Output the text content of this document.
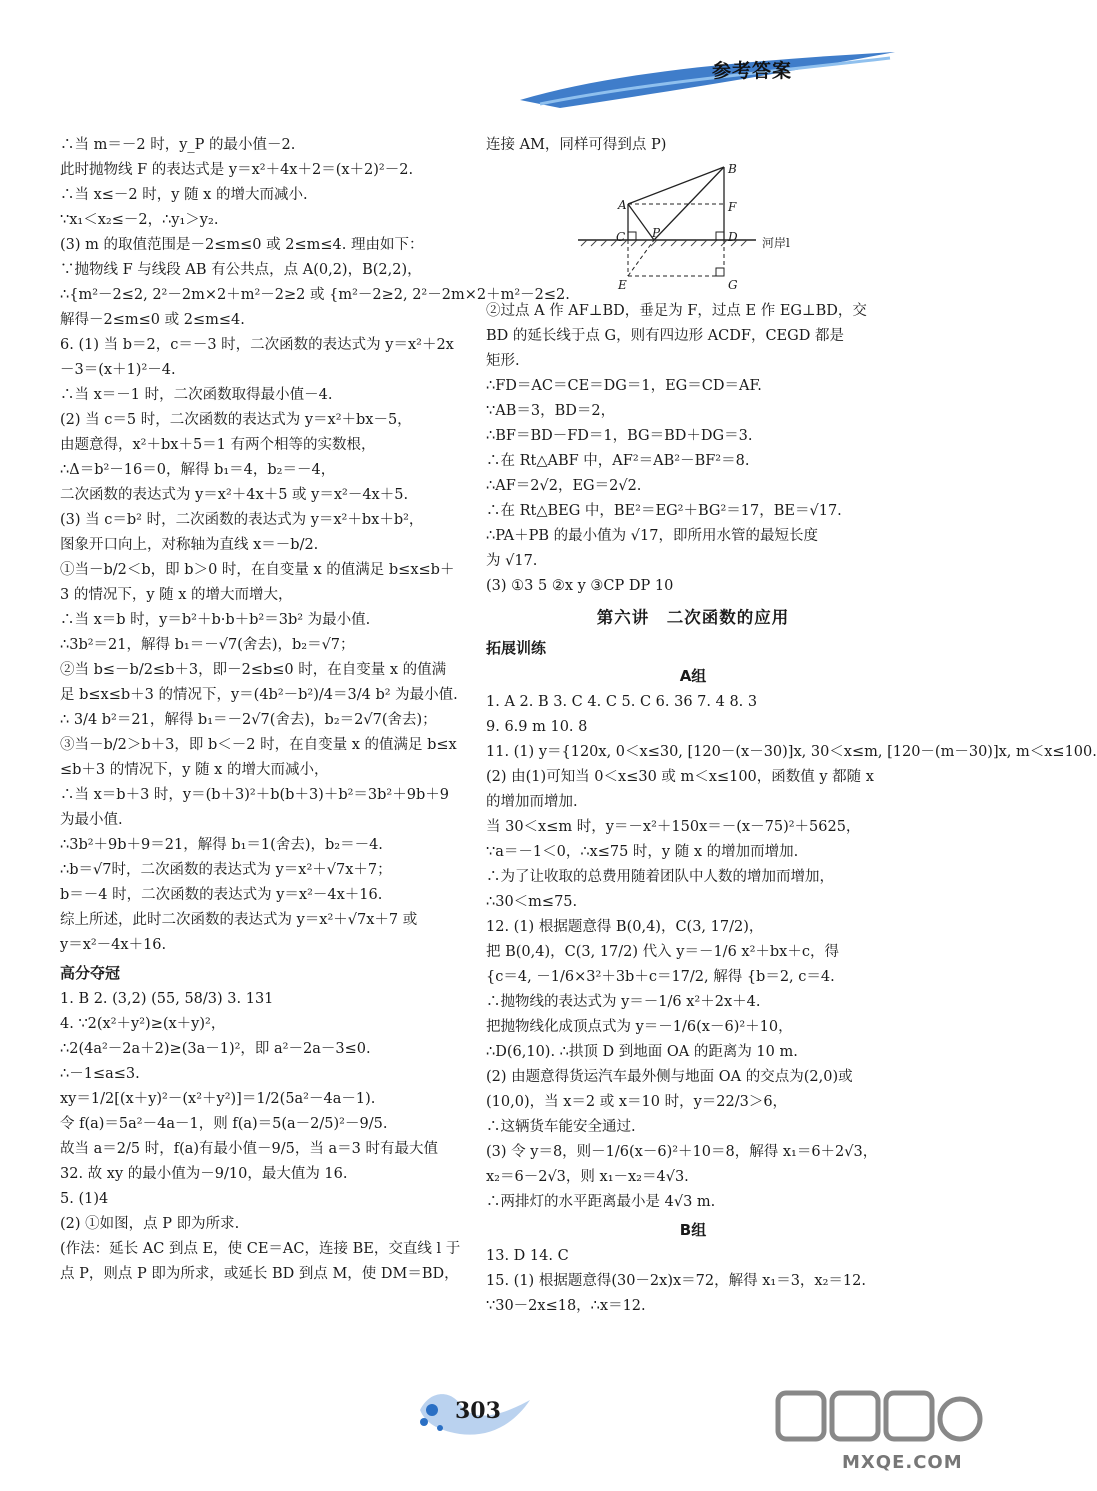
参考答案

∴当 m＝－2 时，y_P 的最小值－2.

此时抛物线 F 的表达式是 y＝x²＋4x＋2＝(x＋2)²－2.

∴当 x≤－2 时，y 随 x 的增大而减小.

∵x₁＜x₂≤－2，∴y₁＞y₂.

(3) m 的取值范围是－2≤m≤0 或 2≤m≤4. 理由如下：

∵抛物线 F 与线段 AB 有公共点，点 A(0,2)，B(2,2)，

∴{m²－2≤2, 2²－2m×2＋m²－2≥2 或 {m²－2≥2, 2²－2m×2＋m²－2≤2.

解得－2≤m≤0 或 2≤m≤4.

6. (1) 当 b＝2，c＝－3 时，二次函数的表达式为 y＝x²＋2x

－3＝(x＋1)²－4.

∴当 x＝－1 时，二次函数取得最小值－4.

(2) 当 c＝5 时，二次函数的表达式为 y＝x²＋bx－5，

由题意得，x²＋bx＋5＝1 有两个相等的实数根，

∴Δ＝b²－16＝0，解得 b₁＝4，b₂＝－4，

二次函数的表达式为 y＝x²＋4x＋5 或 y＝x²－4x＋5.

(3) 当 c＝b² 时，二次函数的表达式为 y＝x²＋bx＋b²，

图象开口向上，对称轴为直线 x＝－b/2.

①当－b/2＜b，即 b＞0 时，在自变量 x 的值满足 b≤x≤b＋

3 的情况下，y 随 x 的增大而增大，

∴当 x＝b 时，y＝b²＋b·b＋b²＝3b² 为最小值.

∴3b²＝21，解得 b₁＝－√7(舍去)，b₂＝√7；

②当 b≤－b/2≤b＋3，即－2≤b≤0 时，在自变量 x 的值满

足 b≤x≤b＋3 的情况下，y＝(4b²－b²)/4＝3/4 b² 为最小值.

∴ 3/4 b²＝21，解得 b₁＝－2√7(舍去)，b₂＝2√7(舍去)；

③当－b/2＞b＋3，即 b＜－2 时，在自变量 x 的值满足 b≤x

≤b＋3 的情况下，y 随 x 的增大而减小，

∴当 x＝b＋3 时，y＝(b＋3)²＋b(b＋3)＋b²＝3b²＋9b＋9

为最小值.

∴3b²＋9b＋9＝21，解得 b₁＝1(舍去)，b₂＝－4.

∴b＝√7时，二次函数的表达式为 y＝x²＋√7x＋7；

b＝－4 时，二次函数的表达式为 y＝x²－4x＋16.

综上所述，此时二次函数的表达式为 y＝x²＋√7x＋7 或

y＝x²－4x＋16.

高分夺冠

1. B 2. (3,2) (55, 58/3) 3. 131

4. ∵2(x²＋y²)≥(x＋y)²，

∴2(4a²－2a＋2)≥(3a－1)²，即 a²－2a－3≤0.

∴－1≤a≤3.

xy＝1/2[(x＋y)²－(x²＋y²)]＝1/2(5a²－4a－1).

令 f(a)＝5a²－4a－1，则 f(a)＝5(a－2/5)²－9/5.

故当 a＝2/5 时，f(a)有最小值－9/5，当 a＝3 时有最大值

32. 故 xy 的最小值为－9/10，最大值为 16.

5. (1)4

(2) ①如图，点 P 即为所求.

(作法：延长 AC 到点 E，使 CE＝AC，连接 BE，交直线 l 于

点 P，则点 P 即为所求，或延长 BD 到点 M，使 DM＝BD，

连接 AM，同样可得到点 P)

A
B
C	D
E
F
G
P
河岸l

②过点 A 作 AF⊥BD，垂足为 F，过点 E 作 EG⊥BD，交

BD 的延长线于点 G，则有四边形 ACDF，CEGD 都是

矩形.

∴FD＝AC＝CE＝DG＝1，EG＝CD＝AF.

∵AB＝3，BD＝2，

∴BF＝BD－FD＝1，BG＝BD＋DG＝3.

∴在 Rt△ABF 中，AF²＝AB²－BF²＝8.

∴AF＝2√2，EG＝2√2.

∴在 Rt△BEG 中，BE²＝EG²＋BG²＝17，BE＝√17.

∴PA＋PB 的最小值为 √17，即所用水管的最短长度

为 √17.

(3) ①3 5 ②x y ③CP DP 10

第六讲　二次函数的应用
拓展训练
A组

1. A 2. B 3. C 4. C 5. C 6. 36 7. 4 8. 3

9. 6.9 m 10. 8

11. (1) y＝{120x, 0＜x≤30, [120－(x－30)]x, 30＜x≤m, [120－(m－30)]x, m＜x≤100.

(2) 由(1)可知当 0＜x≤30 或 m＜x≤100，函数值 y 都随 x

的增加而增加.

当 30＜x≤m 时，y＝－x²＋150x＝－(x－75)²＋5625，

∵a＝－1＜0，∴x≤75 时，y 随 x 的增加而增加.

∴为了让收取的总费用随着团队中人数的增加而增加，

∴30＜m≤75.

12. (1) 根据题意得 B(0,4)，C(3, 17/2)，

把 B(0,4)，C(3, 17/2) 代入 y＝－1/6 x²＋bx＋c，得

{c＝4, －1/6×3²＋3b＋c＝17/2, 解得 {b＝2, c＝4.

∴抛物线的表达式为 y＝－1/6 x²＋2x＋4.

把抛物线化成顶点式为 y＝－1/6(x－6)²＋10，

∴D(6,10). ∴拱顶 D 到地面 OA 的距离为 10 m.

(2) 由题意得货运汽车最外侧与地面 OA 的交点为(2,0)或

(10,0)，当 x＝2 或 x＝10 时，y＝22/3＞6，

∴这辆货车能安全通过.

(3) 令 y＝8，则－1/6(x－6)²＋10＝8，解得 x₁＝6＋2√3，

x₂＝6－2√3，则 x₁－x₂＝4√3.

∴两排灯的水平距离最小是 4√3 m.

B组

13. D 14. C

15. (1) 根据题意得(30－2x)x＝72，解得 x₁＝3，x₂＝12.

∵30－2x≤18，∴x＝12.

303
MXQE.COM
